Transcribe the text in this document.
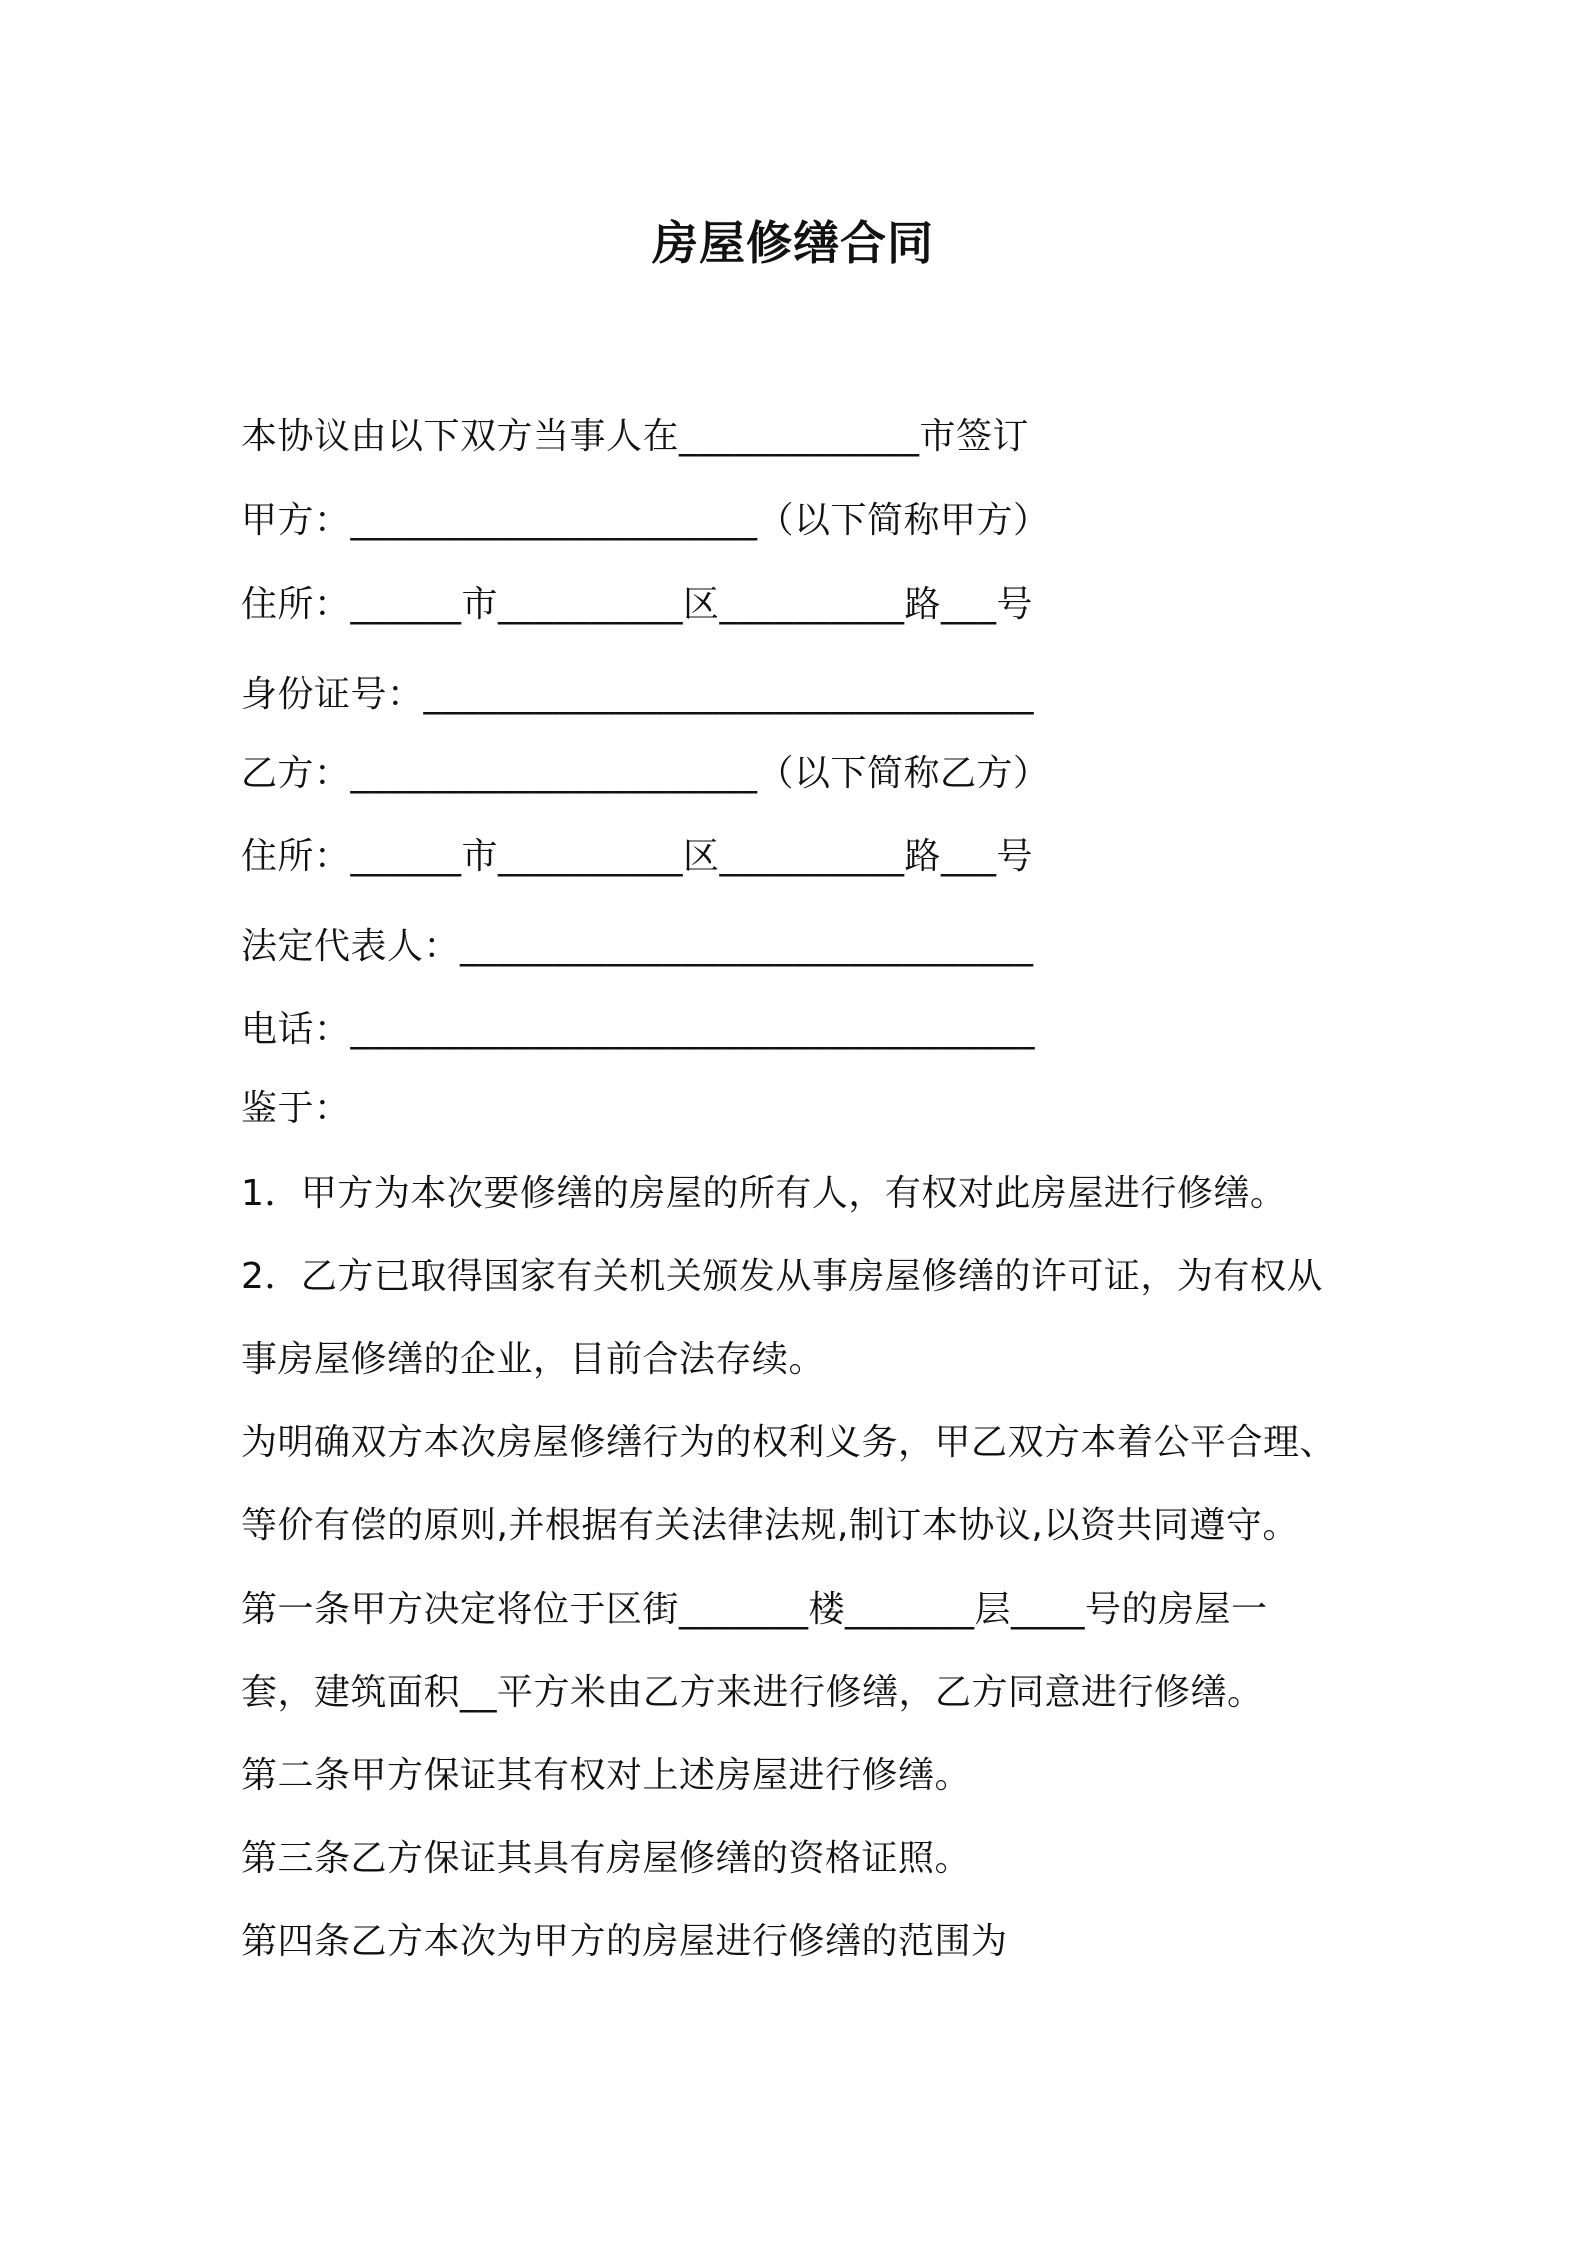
房屋修缮合同
本协议由以下双方当事人在_____________市签订
甲方：______________________（以下简称甲方）
住所：______市__________区__________路___号
身份证号：_________________________________
乙方：______________________（以下简称乙方）
住所：______市__________区__________路___号
法定代表人：_______________________________
电话：_____________________________________
鉴于：
1．甲方为本次要修缮的房屋的所有人，有权对此房屋进行修缮。
2．乙方已取得国家有关机关颁发从事房屋修缮的许可证，为有权从
事房屋修缮的企业，目前合法存续。
为明确双方本次房屋修缮行为的权利义务，甲乙双方本着公平合理、
等价有偿的原则,并根据有关法律法规,制订本协议,以资共同遵守。
第一条甲方决定将位于区街_______楼_______层____号的房屋一
套，建筑面积__平方米由乙方来进行修缮，乙方同意进行修缮。
第二条甲方保证其有权对上述房屋进行修缮。
第三条乙方保证其具有房屋修缮的资格证照。
第四条乙方本次为甲方的房屋进行修缮的范围为
